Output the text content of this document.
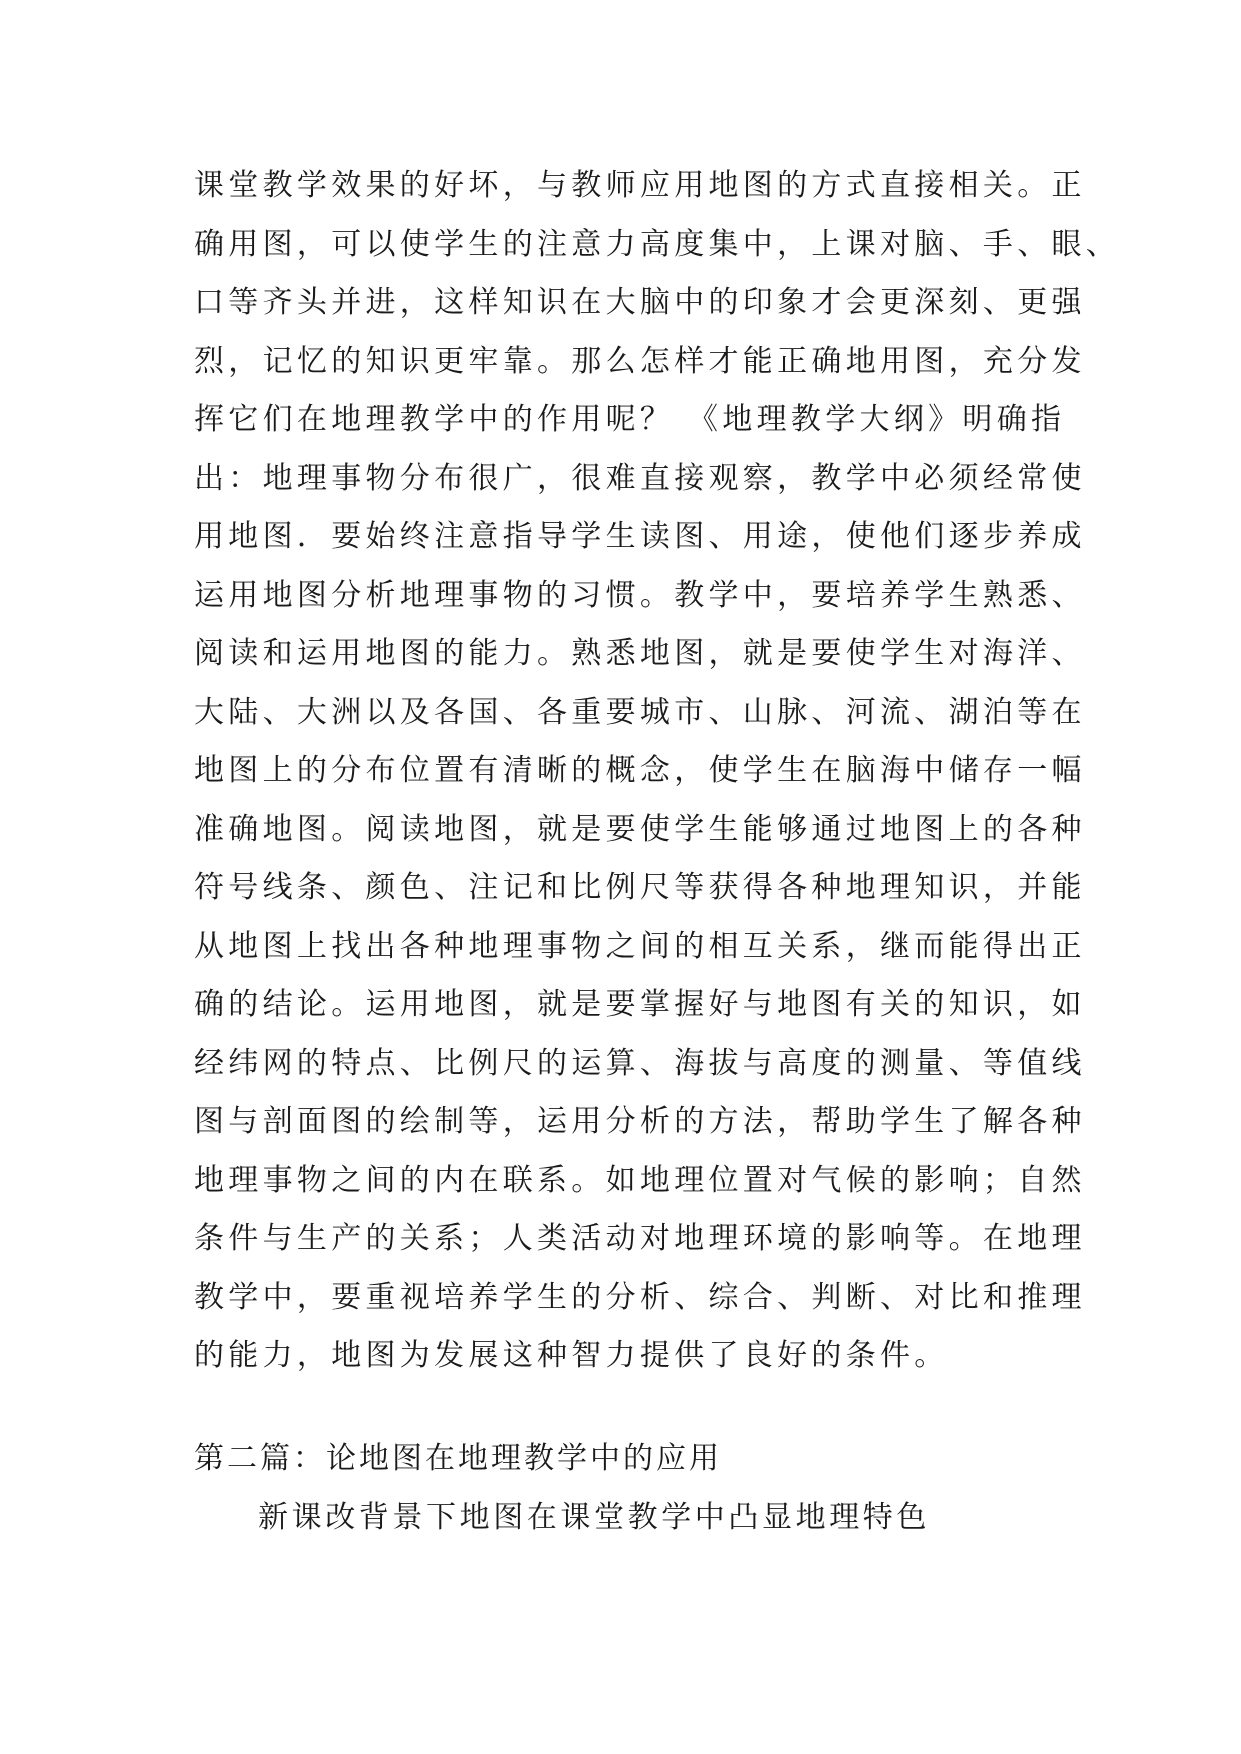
课堂教学效果的好坏，与教师应用地图的方式直接相关。正
确用图，可以使学生的注意力高度集中，上课对脑、手、眼、
口等齐头并进，这样知识在大脑中的印象才会更深刻、更强
烈，记忆的知识更牢靠。那么怎样才能正确地用图，充分发
挥它们在地理教学中的作用呢？ 《地理教学大纲》明确指
出：地理事物分布很广，很难直接观察，教学中必须经常使
用地图．要始终注意指导学生读图、用途，使他们逐步养成
运用地图分析地理事物的习惯。教学中，要培养学生熟悉、
阅读和运用地图的能力。熟悉地图，就是要使学生对海洋、
大陆、大洲以及各国、各重要城市、山脉、河流、湖泊等在
地图上的分布位置有清晰的概念，使学生在脑海中储存一幅
准确地图。阅读地图，就是要使学生能够通过地图上的各种
符号线条、颜色、注记和比例尺等获得各种地理知识，并能
从地图上找出各种地理事物之间的相互关系，继而能得出正
确的结论。运用地图，就是要掌握好与地图有关的知识，如
经纬网的特点、比例尺的运算、海拔与高度的测量、等值线
图与剖面图的绘制等，运用分析的方法，帮助学生了解各种
地理事物之间的内在联系。如地理位置对气候的影响；自然
条件与生产的关系；人类活动对地理环境的影响等。在地理
教学中，要重视培养学生的分析、综合、判断、对比和推理
的能力，地图为发展这种智力提供了良好的条件。
第二篇：论地图在地理教学中的应用

新课改背景下地图在课堂教学中凸显地理特色
